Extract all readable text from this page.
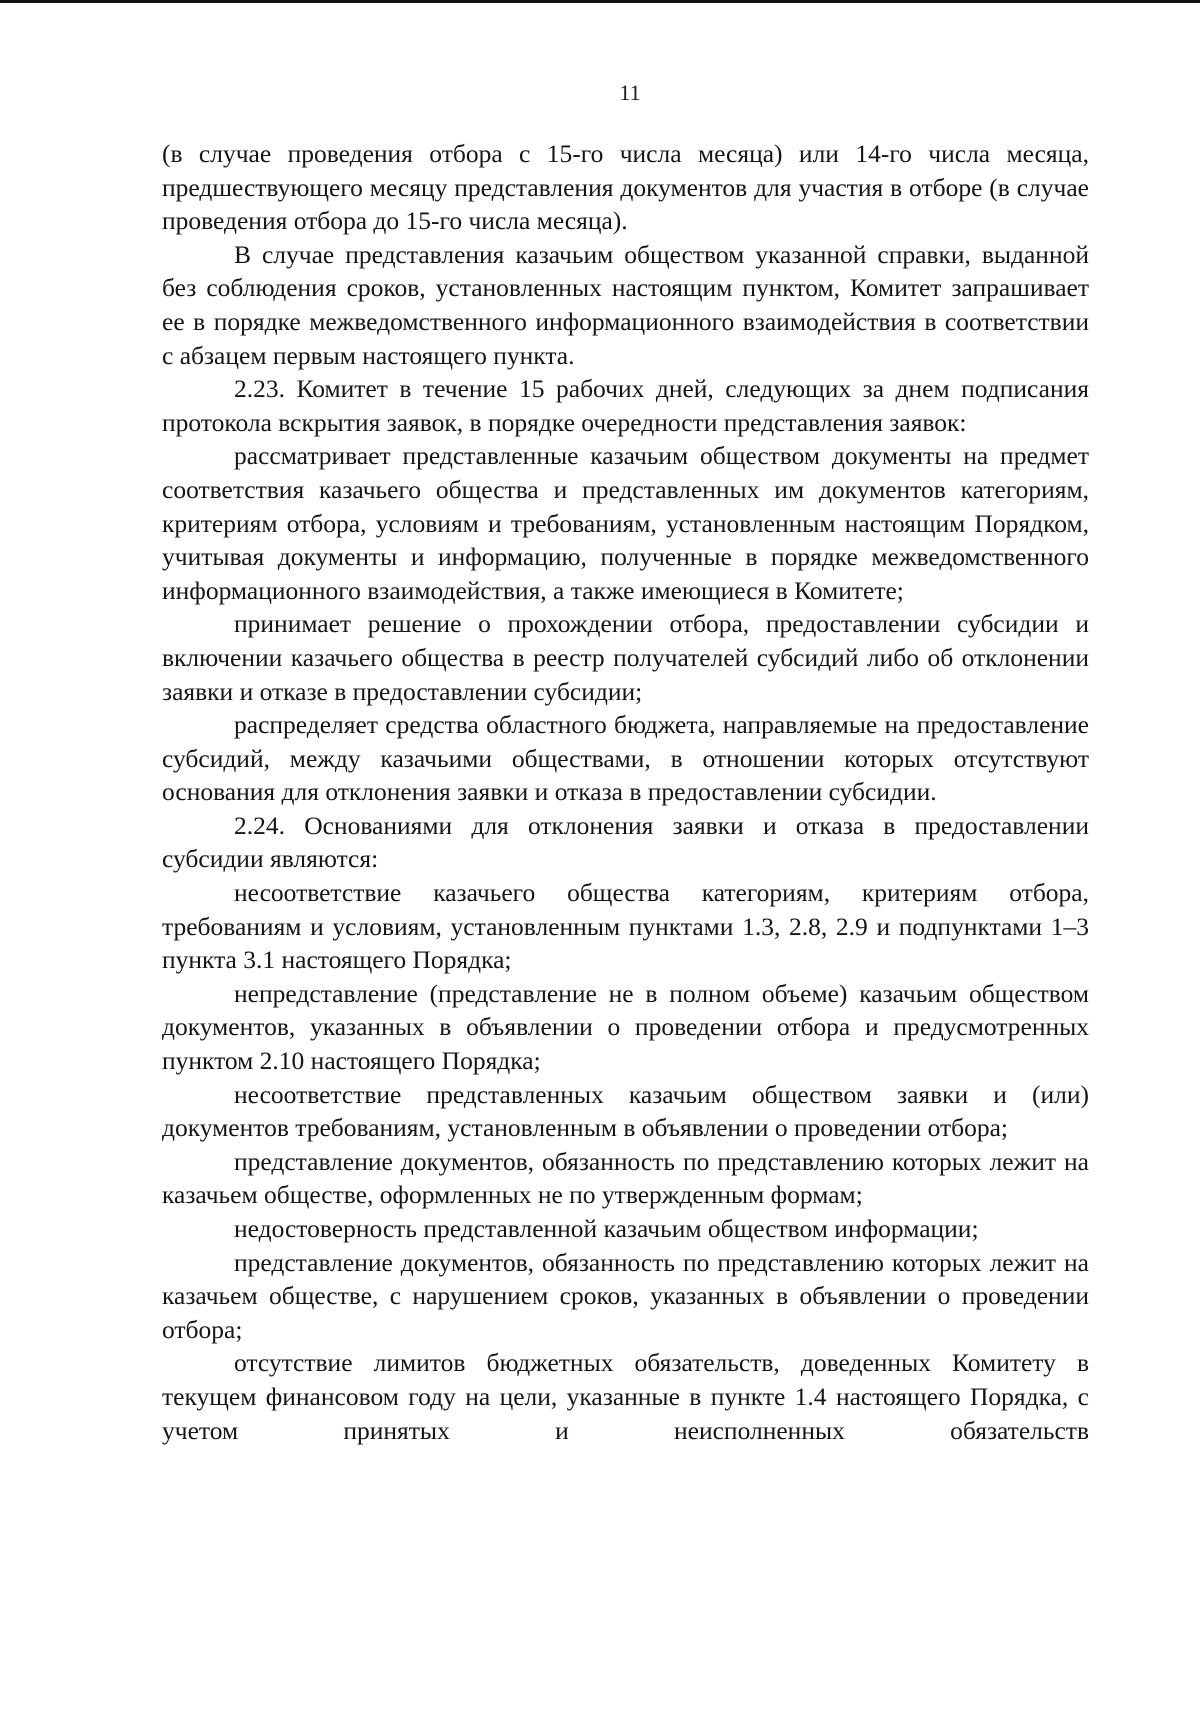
11

(в случае проведения отбора с 15-го числа месяца) или 14-го числа месяца, предшествующего месяцу представления документов для участия в отборе (в случае проведения отбора до 15-го числа месяца).

В случае представления казачьим обществом указанной справки, выданной без соблюдения сроков, установленных настоящим пунктом, Комитет запрашивает ее в порядке межведомственного информационного взаимодействия в соответствии с абзацем первым настоящего пункта.

2.23. Комитет в течение 15 рабочих дней, следующих за днем подписания протокола вскрытия заявок, в порядке очередности представления заявок:

рассматривает представленные казачьим обществом документы на предмет соответствия казачьего общества и представленных им документов категориям, критериям отбора, условиям и требованиям, установленным настоящим Порядком, учитывая документы и информацию, полученные в порядке межведомственного информационного взаимодействия, а также имеющиеся в Комитете;

принимает решение о прохождении отбора, предоставлении субсидии и включении казачьего общества в реестр получателей субсидий либо об отклонении заявки и отказе в предоставлении субсидии;

распределяет средства областного бюджета, направляемые на предоставление субсидий, между казачьими обществами, в отношении которых отсутствуют основания для отклонения заявки и отказа в предоставлении субсидии.

2.24. Основаниями для отклонения заявки и отказа в предоставлении субсидии являются:

несоответствие казачьего общества категориям, критериям отбора, требованиям и условиям, установленным пунктами 1.3, 2.8, 2.9 и подпунктами 1–3 пункта 3.1 настоящего Порядка;

непредставление (представление не в полном объеме) казачьим обществом документов, указанных в объявлении о проведении отбора и предусмотренных пунктом 2.10 настоящего Порядка;

несоответствие представленных казачьим обществом заявки и (или) документов требованиям, установленным в объявлении о проведении отбора;

представление документов, обязанность по представлению которых лежит на казачьем обществе, оформленных не по утвержденным формам;

недостоверность представленной казачьим обществом информации;

представление документов, обязанность по представлению которых лежит на казачьем обществе, с нарушением сроков, указанных в объявлении о проведении отбора;

отсутствие лимитов бюджетных обязательств, доведенных Комитету в текущем финансовом году на цели, указанные в пункте 1.4 настоящего Порядка, с учетом принятых и неисполненных обязательств
